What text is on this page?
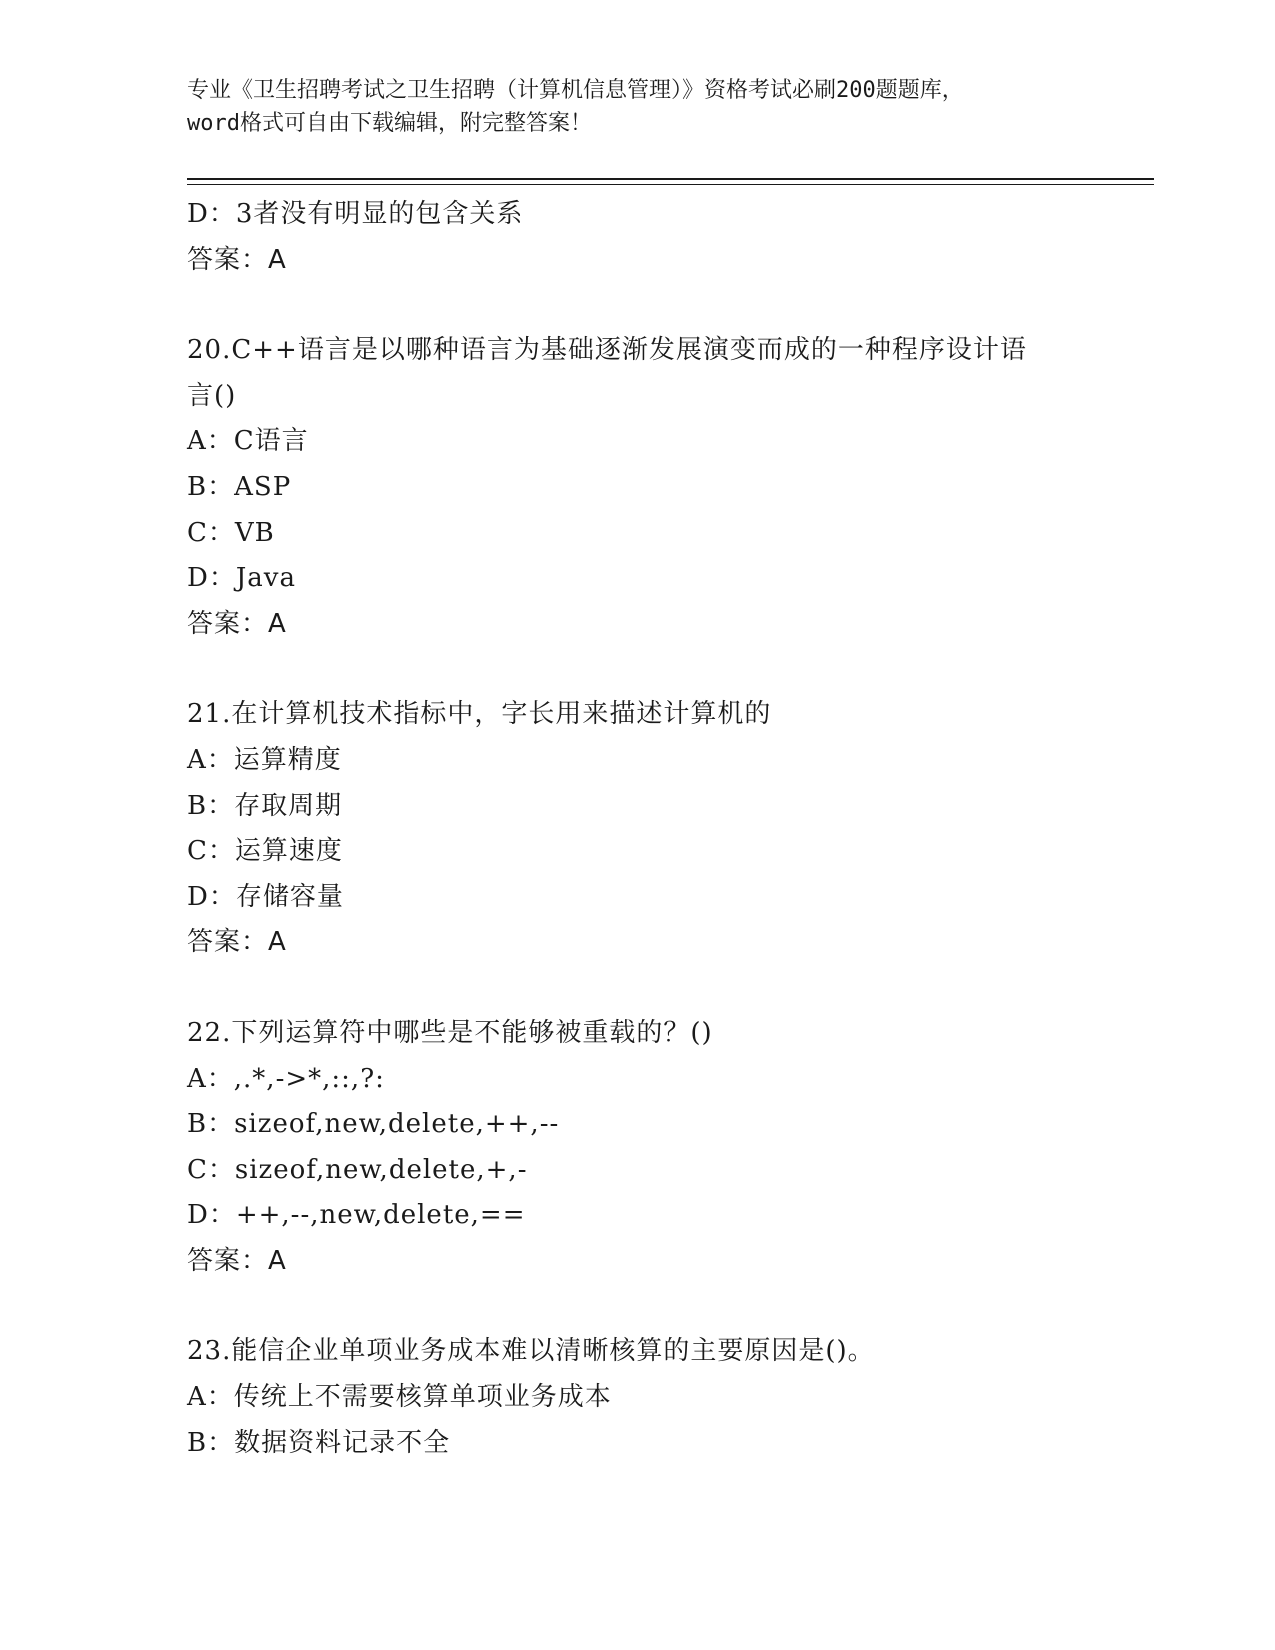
专业《卫生招聘考试之卫生招聘（计算机信息管理）》资格考试必刷200题题库，
word格式可自由下载编辑，附完整答案！
D：3者没有明显的包含关系
答案：A
20.C++语言是以哪种语言为基础逐渐发展演变而成的一种程序设计语
言()
A：C语言
B：ASP
C：VB
D：Java
答案：A
21.在计算机技术指标中，字长用来描述计算机的
A：运算精度
B：存取周期
C：运算速度
D：存储容量
答案：A
22.下列运算符中哪些是不能够被重载的？()
A：,.*,->*,::,?:
B：sizeof,new,delete,++,--
C：sizeof,new,delete,+,-
D：++,--,new,delete,==
答案：A
23.能信企业单项业务成本难以清晰核算的主要原因是()。
A：传统上不需要核算单项业务成本
B：数据资料记录不全
